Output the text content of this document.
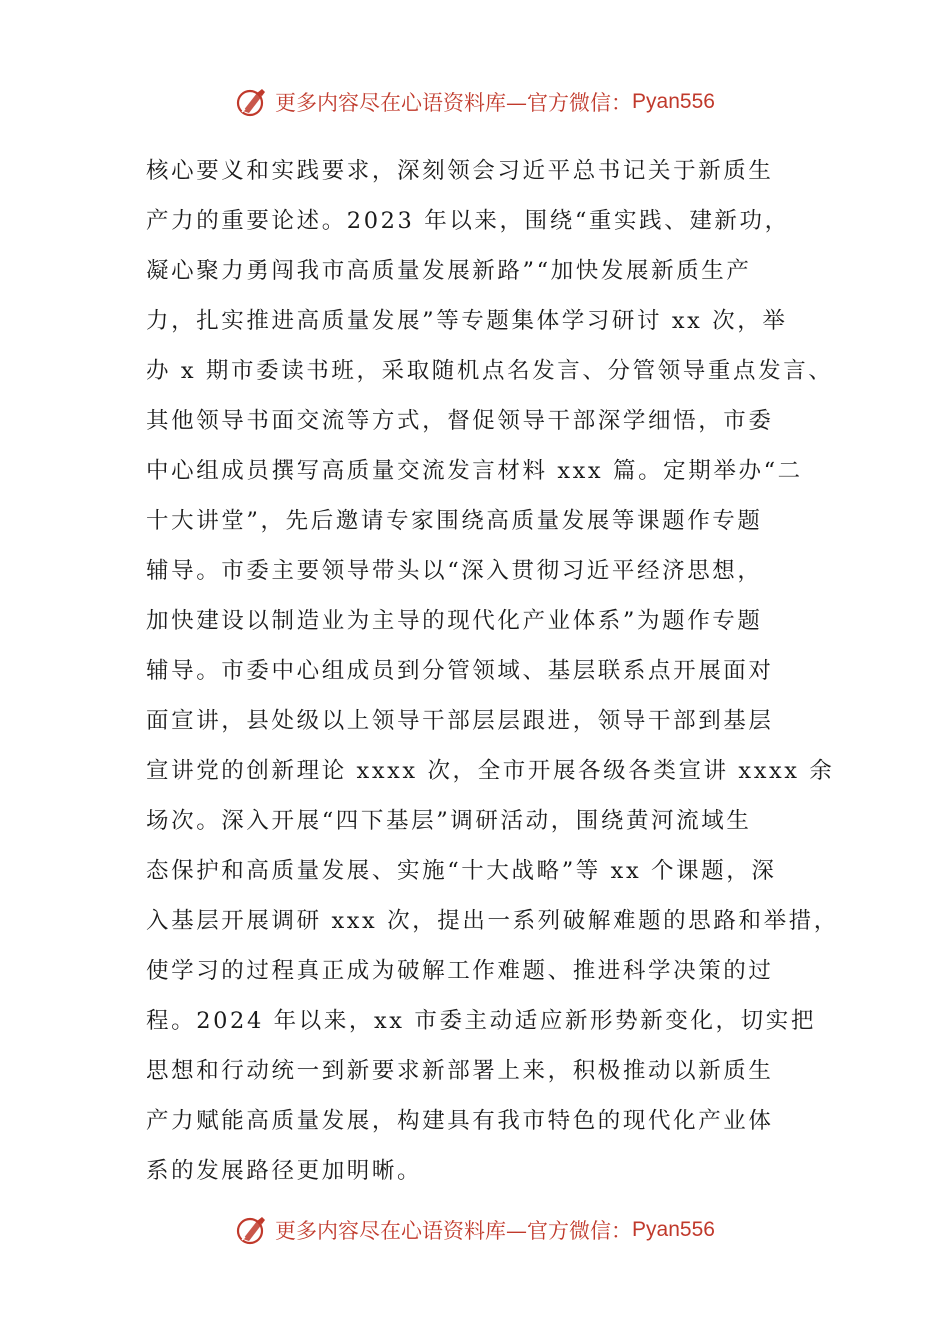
更多内容尽在心语资料库—官方微信： Pyan556
核心要义和实践要求，深刻领会习近平总书记关于新质生
产力的重要论述。2023 年以来，围绕“重实践、建新功，
凝心聚力勇闯我市高质量发展新路”“加快发展新质生产
力，扎实推进高质量发展”等专题集体学习研讨 xx 次，举
办 x 期市委读书班，采取随机点名发言、分管领导重点发言、
其他领导书面交流等方式，督促领导干部深学细悟，市委
中心组成员撰写高质量交流发言材料 xxx 篇。定期举办“二
十大讲堂”，先后邀请专家围绕高质量发展等课题作专题
辅导。市委主要领导带头以“深入贯彻习近平经济思想，
加快建设以制造业为主导的现代化产业体系”为题作专题
辅导。市委中心组成员到分管领域、基层联系点开展面对
面宣讲，县处级以上领导干部层层跟进，领导干部到基层
宣讲党的创新理论 xxxx 次，全市开展各级各类宣讲 xxxx 余
场次。深入开展“四下基层”调研活动，围绕黄河流域生
态保护和高质量发展、实施“十大战略”等 xx 个课题，深
入基层开展调研 xxx 次，提出一系列破解难题的思路和举措，
使学习的过程真正成为破解工作难题、推进科学决策的过
程。2024 年以来，xx 市委主动适应新形势新变化，切实把
思想和行动统一到新要求新部署上来，积极推动以新质生
产力赋能高质量发展，构建具有我市特色的现代化产业体
系的发展路径更加明晰。
更多内容尽在心语资料库—官方微信： Pyan556
